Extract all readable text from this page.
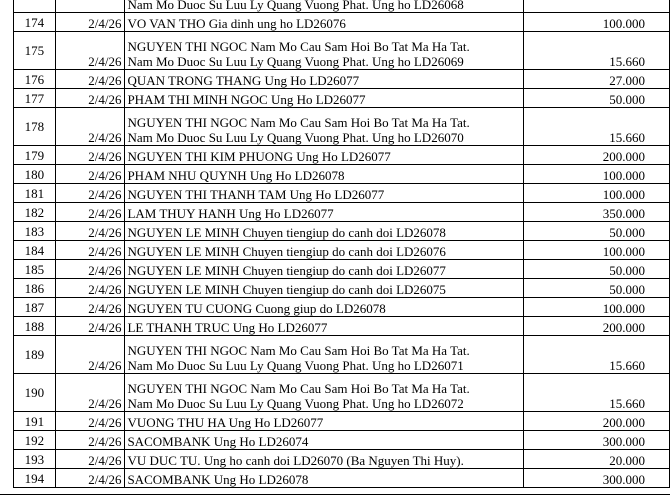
		Nam Mo Duoc Su Luu Ly Quang Vuong Phat. Ung ho LD26068	

174	2/4/26	VO VAN THO Gia dinh ung ho LD26076	100.000
175	2/4/26	NGUYEN THI NGOC Nam Mo Cau Sam Hoi Bo Tat Ma Ha Tat.
Nam Mo Duoc Su Luu Ly Quang Vuong Phat. Ung ho LD26069	15.660
176	2/4/26	QUAN TRONG THANG Ung Ho LD26077	27.000
177	2/4/26	PHAM THI MINH NGOC Ung Ho LD26077	50.000
178	2/4/26	NGUYEN THI NGOC Nam Mo Cau Sam Hoi Bo Tat Ma Ha Tat.
Nam Mo Duoc Su Luu Ly Quang Vuong Phat. Ung ho LD26070	15.660
179	2/4/26	NGUYEN THI KIM PHUONG Ung Ho LD26077	200.000
180	2/4/26	PHAM NHU QUYNH Ung Ho LD26078	100.000
181	2/4/26	NGUYEN THI THANH TAM Ung Ho LD26077	100.000
182	2/4/26	LAM THUY HANH Ung Ho LD26077	350.000
183	2/4/26	NGUYEN LE MINH Chuyen tiengiup do canh doi LD26078	50.000
184	2/4/26	NGUYEN LE MINH Chuyen tiengiup do canh doi LD26076	100.000
185	2/4/26	NGUYEN LE MINH Chuyen tiengiup do canh doi LD26077	50.000
186	2/4/26	NGUYEN LE MINH Chuyen tiengiup do canh doi LD26075	50.000
187	2/4/26	NGUYEN TU CUONG Cuong giup do LD26078	100.000
188	2/4/26	LE THANH TRUC Ung Ho LD26077	200.000
189	2/4/26	NGUYEN THI NGOC Nam Mo Cau Sam Hoi Bo Tat Ma Ha Tat.
Nam Mo Duoc Su Luu Ly Quang Vuong Phat. Ung ho LD26071	15.660
190	2/4/26	NGUYEN THI NGOC Nam Mo Cau Sam Hoi Bo Tat Ma Ha Tat.
Nam Mo Duoc Su Luu Ly Quang Vuong Phat. Ung ho LD26072	15.660
191	2/4/26	VUONG THU HA Ung Ho LD26077	200.000
192	2/4/26	SACOMBANK Ung Ho LD26074	300.000
193	2/4/26	VU DUC TU. Ung ho canh doi LD26070 (Ba Nguyen Thi Huy).	20.000
194	2/4/26	SACOMBANK Ung Ho LD26078	300.000
